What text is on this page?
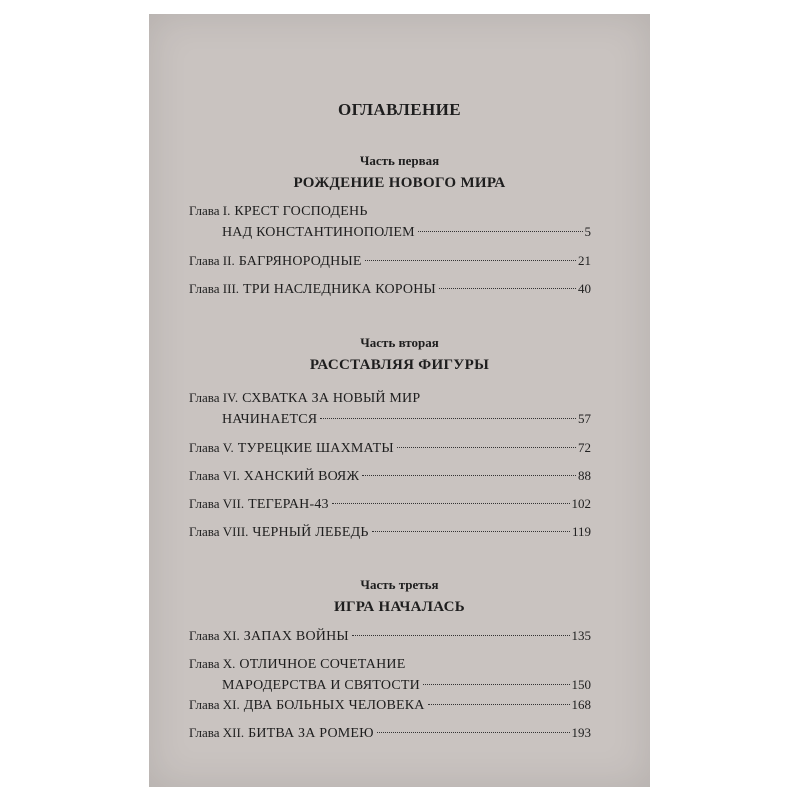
ОГЛАВЛЕНИЕ
Часть первая
РОЖДЕНИЕ НОВОГО МИРА
Глава I. КРЕСТ ГОСПОДЕНЬ
НАД КОНСТАНТИНОПОЛЕМ	5
Глава II. БАГРЯНОРОДНЫЕ	21
Глава III. ТРИ НАСЛЕДНИКА КОРОНЫ	40
Часть вторая
РАССТАВЛЯЯ ФИГУРЫ
Глава IV. СХВАТКА ЗА НОВЫЙ МИР
НАЧИНАЕТСЯ	57
Глава V. ТУРЕЦКИЕ ШАХМАТЫ	72
Глава VI. ХАНСКИЙ ВОЯЖ	88
Глава VII. ТЕГЕРАН-43	102
Глава VIII. ЧЕРНЫЙ ЛЕБЕДЬ	119
Часть третья
ИГРА НАЧАЛАСЬ
Глава XI. ЗАПАХ ВОЙНЫ	135
Глава X. ОТЛИЧНОЕ СОЧЕТАНИЕ
МАРОДЕРСТВА И СВЯТОСТИ	150
Глава XI. ДВА БОЛЬНЫХ ЧЕЛОВЕКА	168
Глава XII. БИТВА ЗА РОМЕЮ	193
